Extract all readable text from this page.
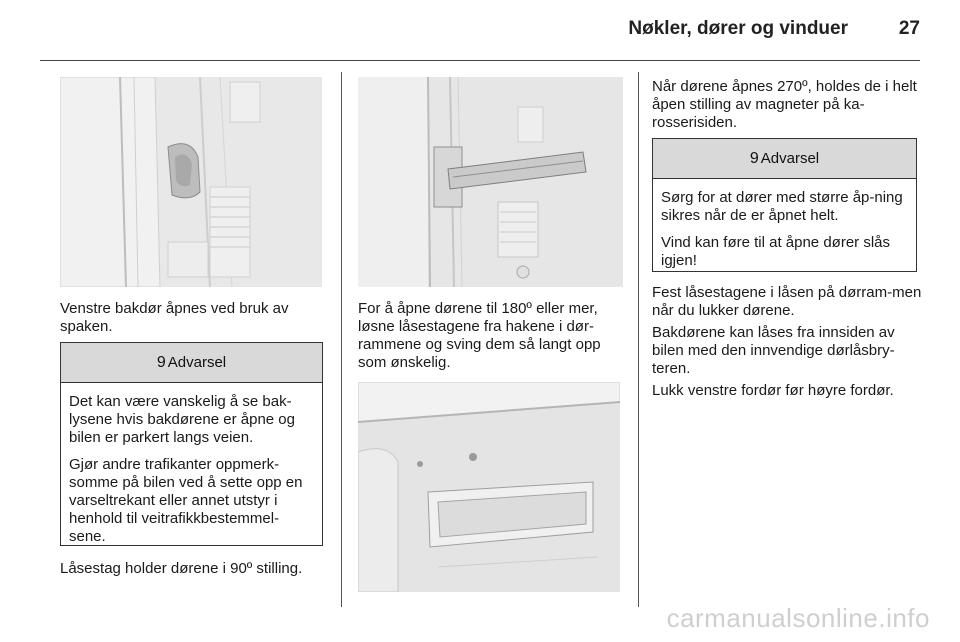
Nøkler, dører og vinduer	27
Venstre bakdør åpnes ved bruk av spaken.
9 Advarsel

Det kan være vanskelig å se bak-lysene hvis bakdørene er åpne og bilen er parkert langs veien.

Gjør andre trafikanter oppmerk-somme på bilen ved å sette opp en varseltrekant eller annet utstyr i henhold til veitrafikkbestemmel-sene.

Låsestag holder dørene i 90º stilling.
For å åpne dørene til 180º eller mer, løsne låsestagene fra hakene i dør-rammene og sving dem så langt opp som ønskelig.
Når dørene åpnes 270º, holdes de i helt åpen stilling av magneter på ka-rosserisiden.
9 Advarsel

Sørg for at dører med større åp-ning sikres når de er åpnet helt.

Vind kan føre til at åpne dører slås igjen!

Fest låsestagene i låsen på dørram-men når du lukker dørene.
Bakdørene kan låses fra innsiden av bilen med den innvendige dørlåsbry-teren.
Lukk venstre fordør før høyre fordør.
carmanualsonline.info
